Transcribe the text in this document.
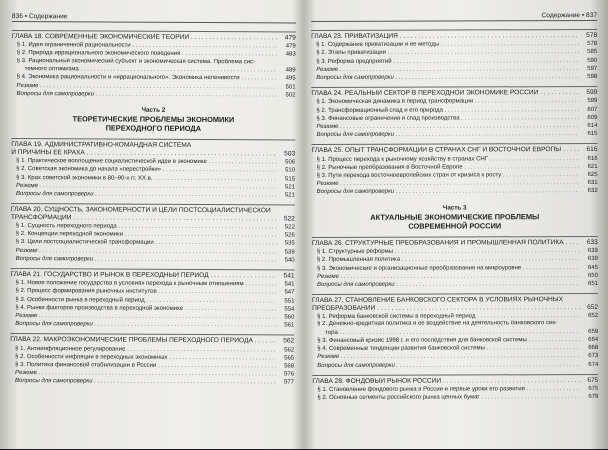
836 • Содержание
ГЛАВА 18. СОВРЕМЕННЫЕ ЭКОНОМИЧЕСКИЕ ТЕОРИИ . . .	479
§ 1. Идея ограниченной рациональности . . .	479
§ 2. Природа иррационального экономического поведения . . .	483
§ 3. Рациональный экономический субъект и экономическая система. Проблема сис-
темного оптимизма . . .	489
§ 4. Экономика рациональности и «иррационального». Экономика неленивости . . .	495
Резюме . . .	501
Вопросы для самопроверки . . .	502
Часть 2
ТЕОРЕТИЧЕСКИЕ ПРОБЛЕМЫ ЭКОНОМИКИ
ПЕРЕХОДНОГО ПЕРИОДА
ГЛАВА 19. АДМИНИСТРАТИВНО-КОМАНДНАЯ СИСТЕМА
И ПРИЧИНЫ ЕЕ КРАХА . . .	503
§ 1. Практическое воплощение социалистической идеи в экономике . . .	506
§ 2. Советская экономика до начала «перестройки» . . .	510
§ 3. Крах советской экономики в 80–90-х гг. ХХ в. . . .	515
Резюме . . .	521
Вопросы для самопроверки . . .	521
ГЛАВА 20. СУЩНОСТЬ, ЗАКОНОМЕРНОСТИ И ЦЕЛИ ПОСТСОЦИАЛИСТИЧЕСКОЙ
ТРАНСФОРМАЦИИ . . .	522
§ 1. Сущность переходного периода . . .	522
§ 2. Концепции переходной экономики . . .	526
§ 3. Цели постсоциалистической трансформации . . .	535
Резюме . . .	539
Вопросы для самопроверки . . .	540
ГЛАВА 21. ГОСУДАРСТВО И РЫНОК В ПЕРЕХОДНЫЙ ПЕРИОД . . .	541
§ 1. Новое положение государства в условиях перехода к рыночным отношениям . . .	541
§ 2. Процесс формирования рыночных институтов . . .	547
§ 3. Особенности рынка в переходный период . . .	551
§ 4. Рынки факторов производства в переходной экономике . . .	554
Резюме . . .	560
Вопросы для самопроверки . . .	561
ГЛАВА 22. МАКРОЭКОНОМИЧЕСКИЕ ПРОБЛЕМЫ ПЕРЕХОДНОГО ПЕРИОДА . . .	562
§ 1. Антиинфляционное регулирование . . .	562
§ 2. Особенности инфляции в переходных экономиках . . .	565
§ 3. Политика финансовой стабилизации в России . . .	568
Резюме . . .	576
Вопросы для самопроверки . . .	577
Содержание • 837
ГЛАВА 23. ПРИВАТИЗАЦИЯ . . .	578
§ 1. Содержание приватизации и ее методы . . .	578
§ 2. Этапы приватизации . . .	585
§ 3. Реформа предприятий . . .	590
Резюме . . .	597
Вопросы для самопроверки . . .	598
ГЛАВА 24. РЕАЛЬНЫЙ СЕКТОР В ПЕРЕХОДНОЙ ЭКОНОМИКЕ РОССИИ . . .	599
§ 1. Экономическая динамика в период трансформации . . .	599
§ 2. Трансформационный спад и его природа . . .	607
§ 3. Финансовые ограничения и спад производства . . .	609
Резюме . . .	614
Вопросы для самопроверки . . .	615
ГЛАВА 25. ОПЫТ ТРАНСФОРМАЦИИ В СТРАНАХ СНГ И ВОСТОЧНОЙ ЕВРОПЫ . . .	616
§ 1. Процесс перехода к рыночному хозяйству в странах СНГ . . .	616
§ 2. Рыночные преобразования в Восточной Европе . . .	621
§ 3. Пути перехода восточноевропейских стран от кризиса к росту . . .	625
Резюме . . .	631
Вопросы для самопроверки . . .	632
Часть 3
АКТУАЛЬНЫЕ ЭКОНОМИЧЕСКИЕ ПРОБЛЕМЫ
СОВРЕМЕННОЙ РОССИИ
ГЛАВА 26. СТРУКТУРНЫЕ ПРЕОБРАЗОВАНИЯ И ПРОМЫШЛЕННАЯ ПОЛИТИКА . . .	633
§ 1. Структурные реформы . . .	633
§ 2. Промышленная политика . . .	639
§ 3. Экономические и организационные преобразования на микроуровне . . .	645
Резюме . . .	650
Вопросы для самопроверки . . .	651
ГЛАВА 27. СТАНОВЛЕНИЕ БАНКОВСКОГО СЕКТОРА В УСЛОВИЯХ РЫНОЧНЫХ
ПРЕОБРАЗОВАНИЙ . . .	652
§ 1. Реформа банковской системы в переходный период . . .	652
§ 2. Денежно-кредитная политика и ее воздействие на деятельность банковского сек-
тора . . .	659
§ 3. Финансовый кризис 1998 г. и его последствия для банковской системы . . .	664
§ 4. Современные тенденции развития банковской системы . . .	668
Резюме . . .	673
Вопросы для самопроверки . . .	674
ГЛАВА 28. ФОНДОВЫЙ РЫНОК РОССИИ . . .	675
§ 1. Становление фондового рынка в России и первые уроки его развития . . .	675
§ 2. Основные сегменты российского рынка ценных бумаг . . .	679
